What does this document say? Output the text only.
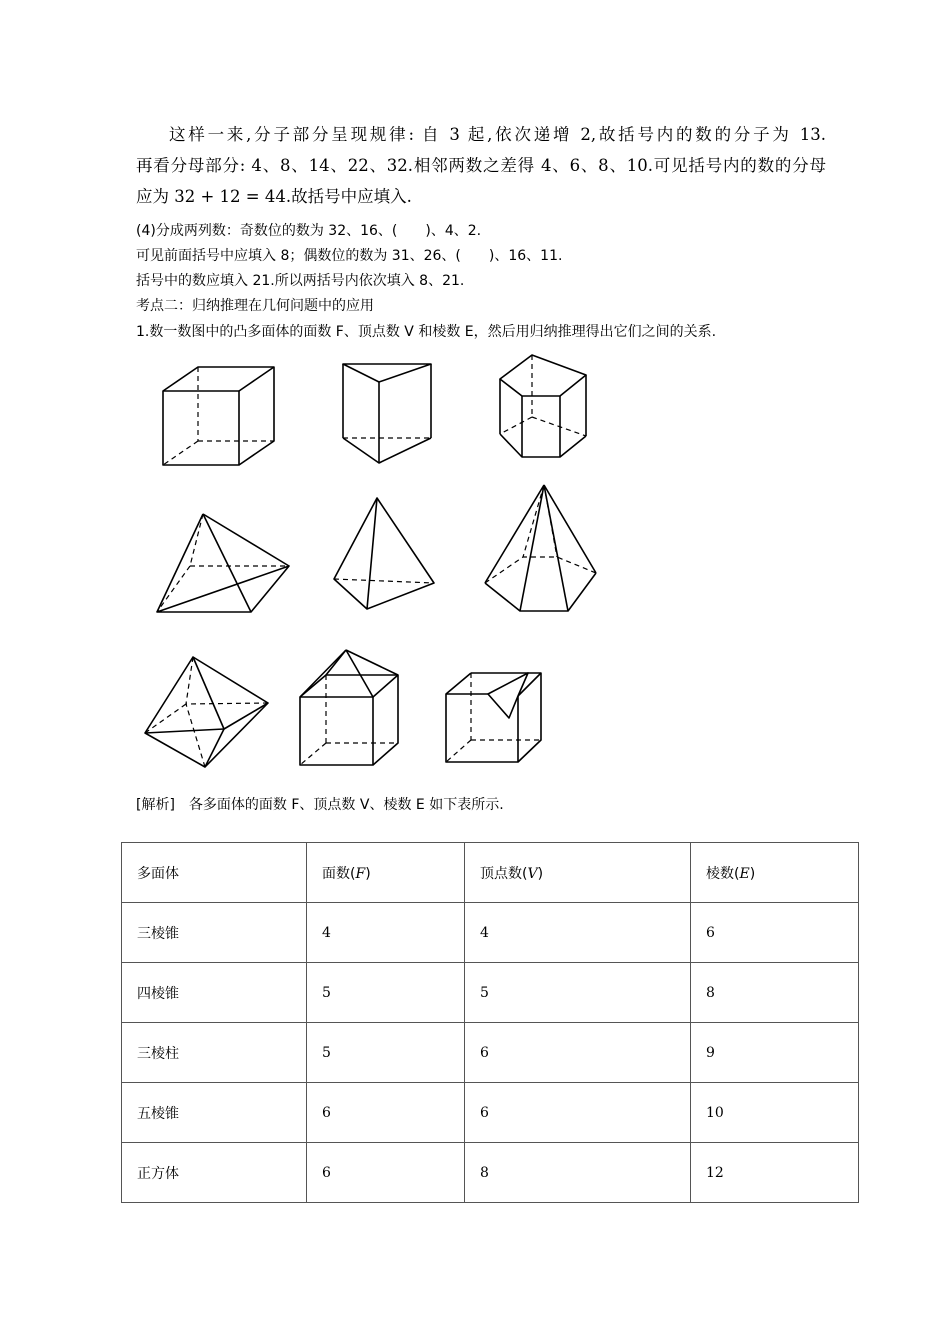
这样一来,分子部分呈现规律: 自 3 起,依次递增 2,故括号内的数的分子为 13.
再看分母部分: 4、8、14、22、32.相邻两数之差得 4、6、8、10.可见括号内的数的分母
应为 32 + 12 = 44.故括号中应填入.
(4)分成两列数：奇数位的数为 32、16、(　　)、4、2.
可见前面括号中应填入 8；偶数位的数为 31、26、(　　)、16、11.
括号中的数应填入 21.所以两括号内依次填入 8、21.
考点二：归纳推理在几何问题中的应用
1.数一数图中的凸多面体的面数 F、顶点数 V 和棱数 E，然后用归纳推理得出它们之间的关系.
[解析]　各多面体的面数 F、顶点数 V、棱数 E 如下表所示.
多面体	面数(F)	顶点数(V)	棱数(E)
三棱锥	4	4	6
四棱锥	5	5	8
三棱柱	5	6	9
五棱锥	6	6	10
正方体	6	8	12
